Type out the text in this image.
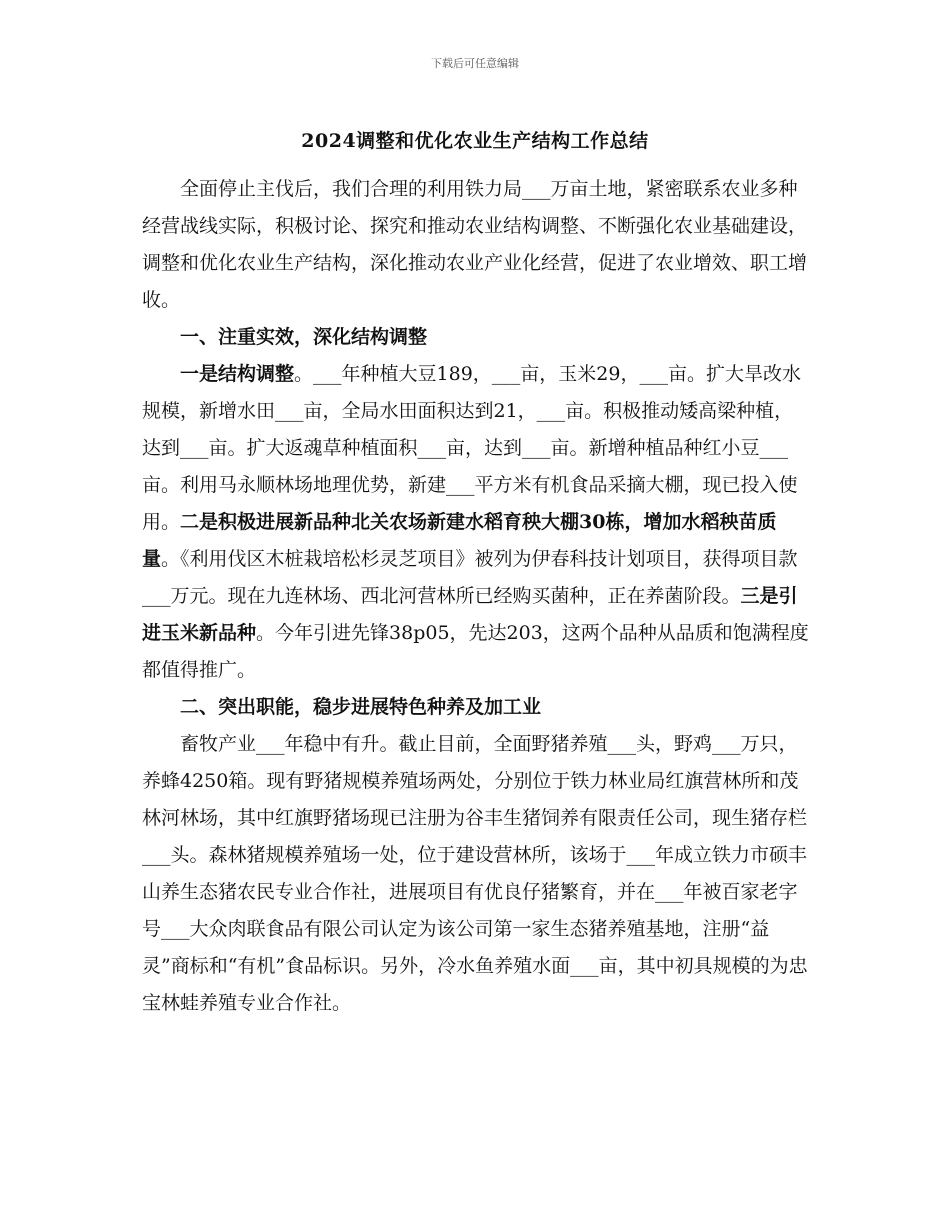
下载后可任意编辑
2024调整和优化农业生产结构工作总结

全面停止主伐后，我们合理的利用铁力局___万亩土地，紧密联系农业多种经营战线实际，积极讨论、探究和推动农业结构调整、不断强化农业基础建设，调整和优化农业生产结构，深化推动农业产业化经营，促进了农业增效、职工增收。

一、注重实效，深化结构调整

一是结构调整。___年种植大豆189，___亩，玉米29，___亩。扩大旱改水规模，新增水田___亩，全局水田面积达到21，___亩。积极推动矮高梁种植，达到___亩。扩大返魂草种植面积___亩，达到___亩。新增种植品种红小豆___亩。利用马永顺林场地理优势，新建___平方米有机食品采摘大棚，现已投入使用。二是积极进展新品种北关农场新建水稻育秧大棚30栋，增加水稻秧苗质量。《利用伐区木桩栽培松杉灵芝项目》被列为伊春科技计划项目，获得项目款___万元。现在九连林场、西北河营林所已经购买菌种，正在养菌阶段。三是引进玉米新品种。今年引进先锋38p05，先达203，这两个品种从品质和饱满程度都值得推广。

二、突出职能，稳步进展特色种养及加工业

畜牧产业___年稳中有升。截止目前，全面野猪养殖___头，野鸡___万只，养蜂4250箱。现有野猪规模养殖场两处，分别位于铁力林业局红旗营林所和茂林河林场，其中红旗野猪场现已注册为谷丰生猪饲养有限责任公司，现生猪存栏___头。森林猪规模养殖场一处，位于建设营林所，该场于___年成立铁力市硕丰山养生态猪农民专业合作社，进展项目有优良仔猪繁育，并在___年被百家老字号___大众肉联食品有限公司认定为该公司第一家生态猪养殖基地，注册“益灵”商标和“有机”食品标识。另外，冷水鱼养殖水面___亩，其中初具规模的为忠宝林蛙养殖专业合作社。
